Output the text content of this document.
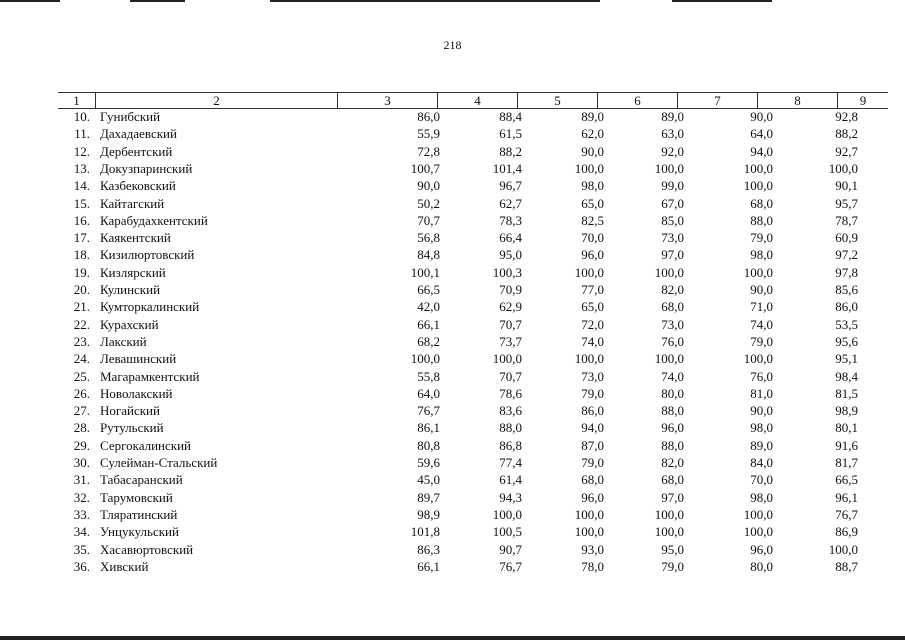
218
1	2	3	4	5	6	7	8	9
10. Гунибский	86,0	88,4	89,0	89,0	90,0	92,8
11. Дахадаевский	55,9	61,5	62,0	63,0	64,0	88,2
12. Дербентский	72,8	88,2	90,0	92,0	94,0	92,7
13. Докузпаринский	100,7	101,4	100,0	100,0	100,0	100,0
14. Казбековский	90,0	96,7	98,0	99,0	100,0	90,1
15. Кайтагский	50,2	62,7	65,0	67,0	68,0	95,7
16. Карабудахкентский	70,7	78,3	82,5	85,0	88,0	78,7
17. Каякентский	56,8	66,4	70,0	73,0	79,0	60,9
18. Кизилюртовский	84,8	95,0	96,0	97,0	98,0	97,2
19. Кизлярский	100,1	100,3	100,0	100,0	100,0	97,8
20. Кулинский	66,5	70,9	77,0	82,0	90,0	85,6
21. Кумторкалинский	42,0	62,9	65,0	68,0	71,0	86,0
22. Курахский	66,1	70,7	72,0	73,0	74,0	53,5
23. Лакский	68,2	73,7	74,0	76,0	79,0	95,6
24. Левашинский	100,0	100,0	100,0	100,0	100,0	95,1
25. Магарамкентский	55,8	70,7	73,0	74,0	76,0	98,4
26. Новолакский	64,0	78,6	79,0	80,0	81,0	81,5
27. Ногайский	76,7	83,6	86,0	88,0	90,0	98,9
28. Рутульский	86,1	88,0	94,0	96,0	98,0	80,1
29. Сергокалинский	80,8	86,8	87,0	88,0	89,0	91,6
30. Сулейман-Стальский	59,6	77,4	79,0	82,0	84,0	81,7
31. Табасаранский	45,0	61,4	68,0	68,0	70,0	66,5
32. Тарумовский	89,7	94,3	96,0	97,0	98,0	96,1
33. Тляратинский	98,9	100,0	100,0	100,0	100,0	76,7
34. Унцукульский	101,8	100,5	100,0	100,0	100,0	86,9
35. Хасавюртовский	86,3	90,7	93,0	95,0	96,0	100,0
36. Хивский	66,1	76,7	78,0	79,0	80,0	88,7
